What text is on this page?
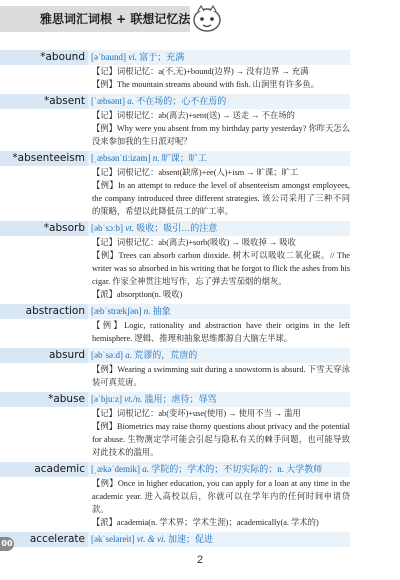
雅思词汇词根 + 联想记忆法
*abound [əˈbaund] vi. 富于；充满
【记】词根记忆：a(不,无)+bound(边界) → 没有边界 → 充满
【例】The mountain streams abound with fish. 山涧里有许多鱼。
*absent [ˈæbsənt] a. 不在场的；心不在焉的
【记】词根记忆：ab(离去)+sent(送) → 送走 → 不在场的
【例】Why were you absent from my birthday party yesterday? 你昨天怎么没来参加我的生日派对呢？
*absenteeism [ˌæbsənˈtiːizəm] n. 旷课；旷工
【记】词根记忆：absent(缺席)+ee(人)+ism → 旷课；旷工
【例】In an attempt to reduce the level of absenteeism amongst employees, the company introduced three different strategies. 该公司采用了三种不同的策略，希望以此降低员工的旷工率。
*absorb [əbˈsɔːb] vt. 吸收；吸引…的注意
【记】词根记忆：ab(离去)+sorb(吸收) → 吸收掉 → 吸收
【例】Trees can absorb carbon dioxide. 树木可以吸收二氧化碳。// The writer was so absorbed in his writing that he forgot to flick the ashes from his cigar. 作家全神贯注地写作，忘了弹去雪茄烟的烟灰。
【派】absorption(n. 吸收)
abstraction [æbˈstrækʃən] n. 抽象
【例】Logic, rationality and abstraction have their origins in the left hemisphere. 逻辑、推理和抽象思维都源自大脑左半球。
absurd [əbˈsəːd] a. 荒谬的，荒唐的
【例】Wearing a swimming suit during a snowstorm is absurd. 下雪天穿泳装可真荒唐。
*abuse [əˈbjuːz] vt./n. 滥用；虐待；辱骂
【记】词根记忆：ab(变坏)+use(使用) → 使用不当 → 滥用
【例】Biometrics may raise thorny questions about privacy and the potential for abuse. 生物测定学可能会引起与隐私有关的棘手问题，也可能导致对此技术的滥用。
academic [ˌækəˈdemik] a. 学院的；学术的；不切实际的；n. 大学教师
【例】Once in higher education, you can apply for a loan at any time in the academic year. 进入高校以后，你就可以在学年内的任何时间申请贷款。
【派】academia(n. 学术界；学术生涯)；academically(a. 学术的)
accelerate [əkˈseləreit] vt. & vi. 加速；促进
00
2
